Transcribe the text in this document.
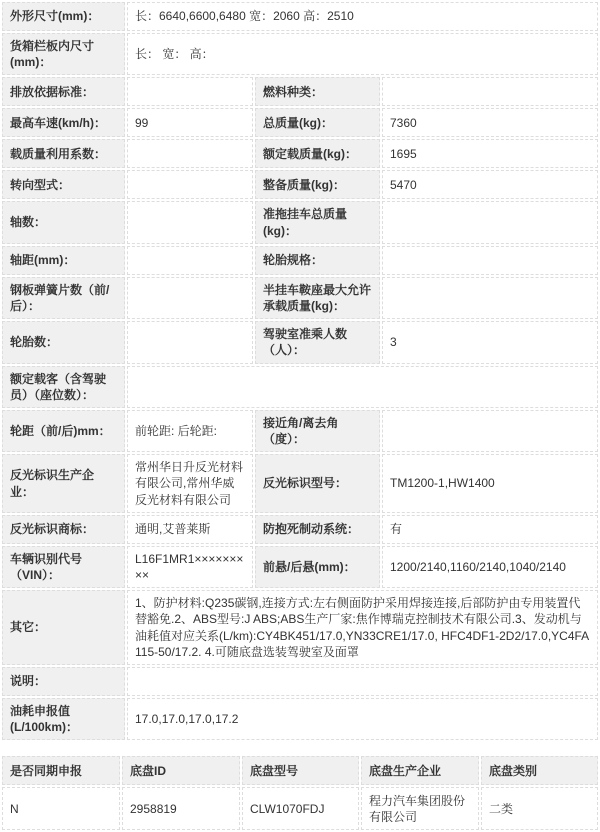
外形尺寸(mm)：	长：6640,6600,6480 宽：2060 高：2510		
货箱栏板内尺寸(mm)：	长： 宽： 高：		
排放依据标准：		燃料种类：	
最高车速(km/h)：	99	总质量(kg)：	7360
载质量利用系数：		额定载质量(kg)：	1695
转向型式：		整备质量(kg)：	5470
轴数：		准拖挂车总质量(kg)：	
轴距(mm)：		轮胎规格：	
钢板弹簧片数（前/后）：		半挂车鞍座最大允许承载质量(kg)：	
轮胎数：		驾驶室准乘人数（人）：	3
额定载客（含驾驶员）（座位数）：			
轮距（前/后)mm：	前轮距: 后轮距:	接近角/离去角（度）：	
反光标识生产企业：	常州华日升反光材料有限公司,常州华威反光材料有限公司	反光标识型号：	TM1200-1,HW1400
反光标识商标：	通明,艾普莱斯	防抱死制动系统：	有
车辆识别代号（VIN）：	L16F1MR1×××××××××	前悬/后悬(mm)：	1200/2140,1160/2140,1040/2140
其它：	1、防护材料:Q235碳钢,连接方式:左右侧面防护采用焊接连接,后部防护由专用装置代替豁免.2、ABS型号:J ABS;ABS生产厂家:焦作博瑞克控制技术有限公司.3、发动机与油耗值对应关系(L/km):CY4BK451/17.0,YN33CRE1/17.0, HFC4DF1-2D2/17.0,YC4FA115-50/17.2. 4.可随底盘选装驾驶室及面罩		
说明：			
油耗申报值(L/100km)：	17.0,17.0,17.0,17.2		
是否同期申报	底盘ID	底盘型号	底盘生产企业	底盘类别
N	2958819	CLW1070FDJ	程力汽车集团股份有限公司	二类
